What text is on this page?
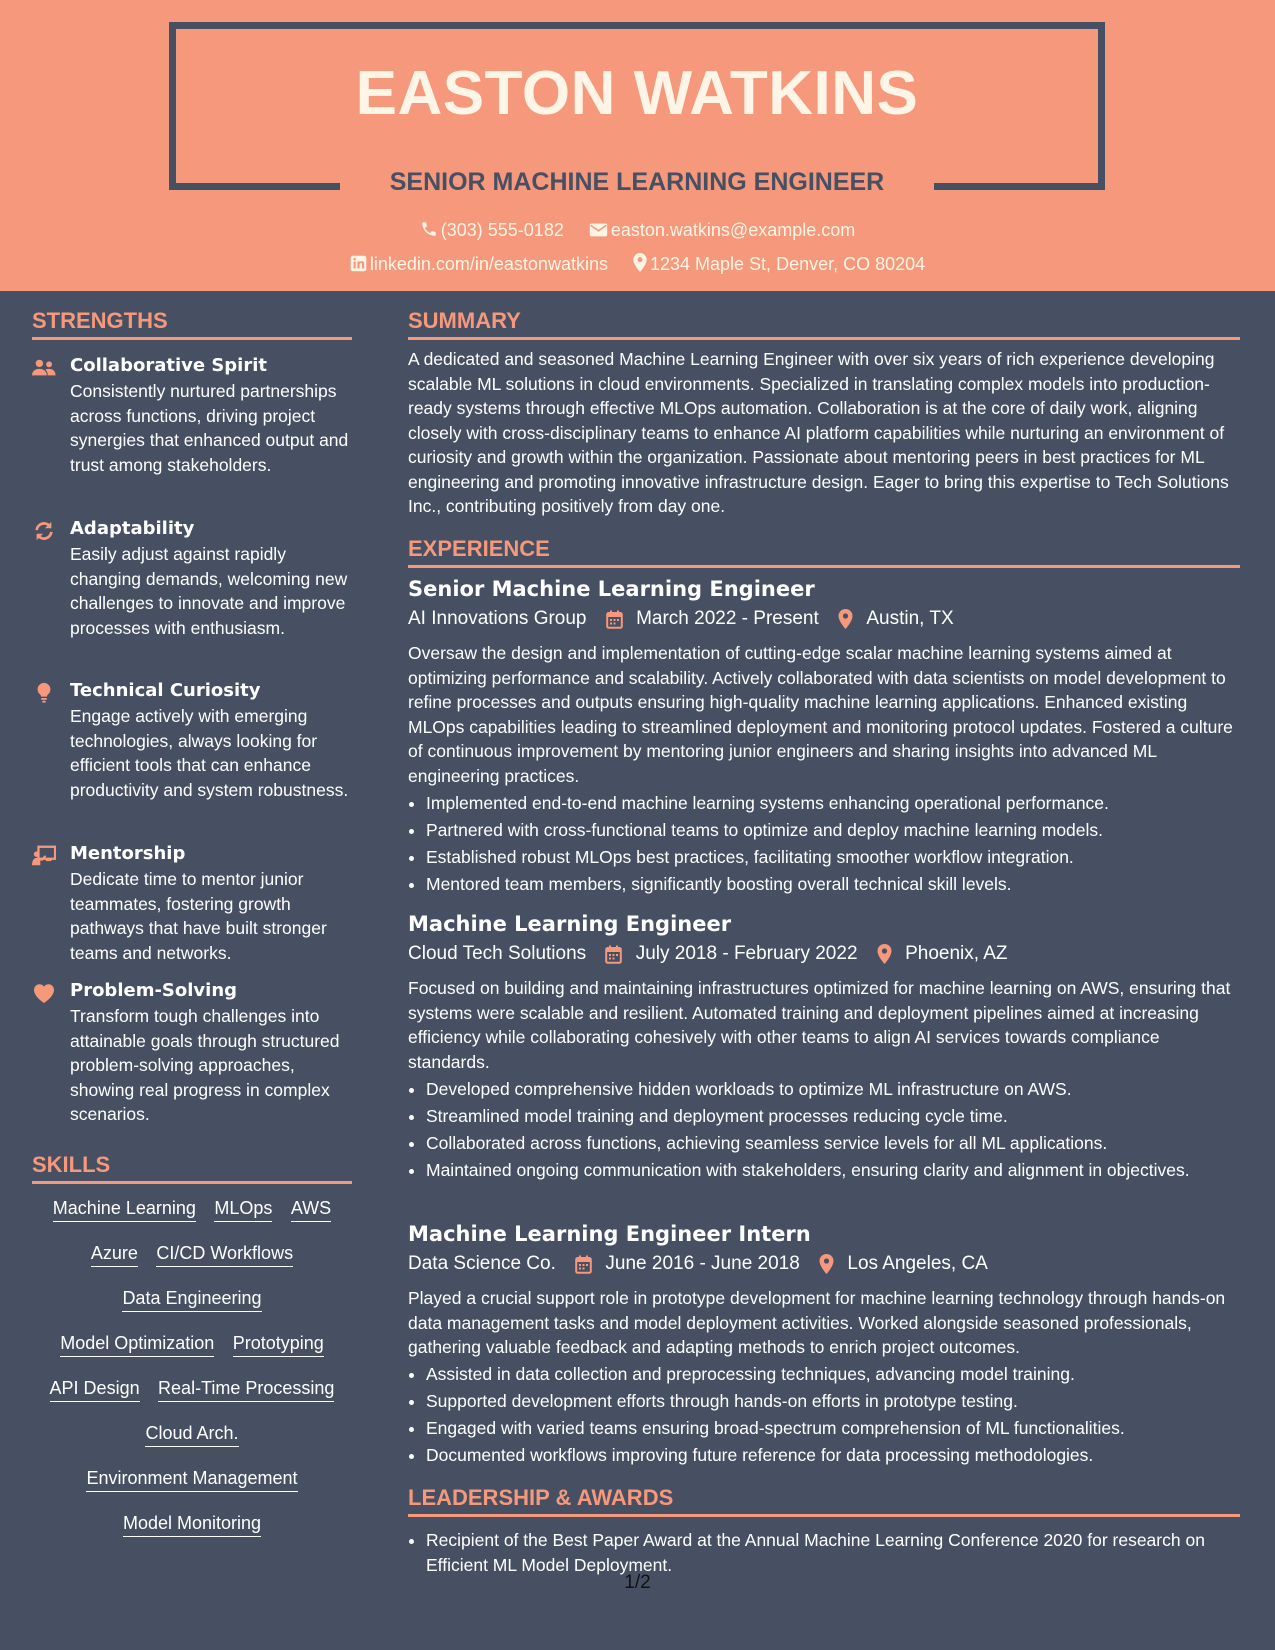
EASTON WATKINS
SENIOR MACHINE LEARNING ENGINEER
(303) 555-0182	easton.watkins@example.com
linkedin.com/in/eastonwatkins 1234 Maple St, Denver, CO 80204
STRENGTHS
Collaborative Spirit
Consistently nurtured partnerships across functions, driving project synergies that enhanced output and trust among stakeholders.
Adaptability
Easily adjust against rapidly changing demands, welcoming new challenges to innovate and improve processes with enthusiasm.
Technical Curiosity
Engage actively with emerging technologies, always looking for efficient tools that can enhance productivity and system robustness.
Mentorship
Dedicate time to mentor junior teammates, fostering growth pathways that have built stronger teams and networks.
Problem-Solving
Transform tough challenges into attainable goals through structured problem-solving approaches, showing real progress in complex scenarios.
SKILLS
Machine Learning MLOps AWS
Azure CI/CD Workflows
Data Engineering
Model Optimization Prototyping
API Design Real-Time Processing
Cloud Arch.
Environment Management
Model Monitoring
SUMMARY
A dedicated and seasoned Machine Learning Engineer with over six years of rich experience developing scalable ML solutions in cloud environments. Specialized in translating complex models into production-ready systems through effective MLOps automation. Collaboration is at the core of daily work, aligning closely with cross-disciplinary teams to enhance AI platform capabilities while nurturing an environment of curiosity and growth within the organization. Passionate about mentoring peers in best practices for ML engineering and promoting innovative infrastructure design. Eager to bring this expertise to Tech Solutions Inc., contributing positively from day one.
EXPERIENCE
Senior Machine Learning Engineer
AI Innovations Group	March 2022 - Present	Austin, TX
Oversaw the design and implementation of cutting-edge scalar machine learning systems aimed at optimizing performance and scalability. Actively collaborated with data scientists on model development to refine processes and outputs ensuring high-quality machine learning applications. Enhanced existing MLOps capabilities leading to streamlined deployment and monitoring protocol updates. Fostered a culture of continuous improvement by mentoring junior engineers and sharing insights into advanced ML engineering practices.
• Implemented end-to-end machine learning systems enhancing operational performance.
• Partnered with cross-functional teams to optimize and deploy machine learning models.
• Established robust MLOps best practices, facilitating smoother workflow integration.
• Mentored team members, significantly boosting overall technical skill levels.
Machine Learning Engineer
Cloud Tech Solutions	July 2018 - February 2022	Phoenix, AZ
Focused on building and maintaining infrastructures optimized for machine learning on AWS, ensuring that systems were scalable and resilient. Automated training and deployment pipelines aimed at increasing efficiency while collaborating cohesively with other teams to align AI services towards compliance standards.
• Developed comprehensive hidden workloads to optimize ML infrastructure on AWS.
• Streamlined model training and deployment processes reducing cycle time.
• Collaborated across functions, achieving seamless service levels for all ML applications.
• Maintained ongoing communication with stakeholders, ensuring clarity and alignment in objectives.
Machine Learning Engineer Intern
Data Science Co.	June 2016 - June 2018	Los Angeles, CA
Played a crucial support role in prototype development for machine learning technology through hands-on data management tasks and model deployment activities. Worked alongside seasoned professionals, gathering valuable feedback and adapting methods to enrich project outcomes.
• Assisted in data collection and preprocessing techniques, advancing model training.
• Supported development efforts through hands-on efforts in prototype testing.
• Engaged with varied teams ensuring broad-spectrum comprehension of ML functionalities.
• Documented workflows improving future reference for data processing methodologies.
LEADERSHIP & AWARDS
• Recipient of the Best Paper Award at the Annual Machine Learning Conference 2020 for research on Efficient ML Model Deployment.
1/2
